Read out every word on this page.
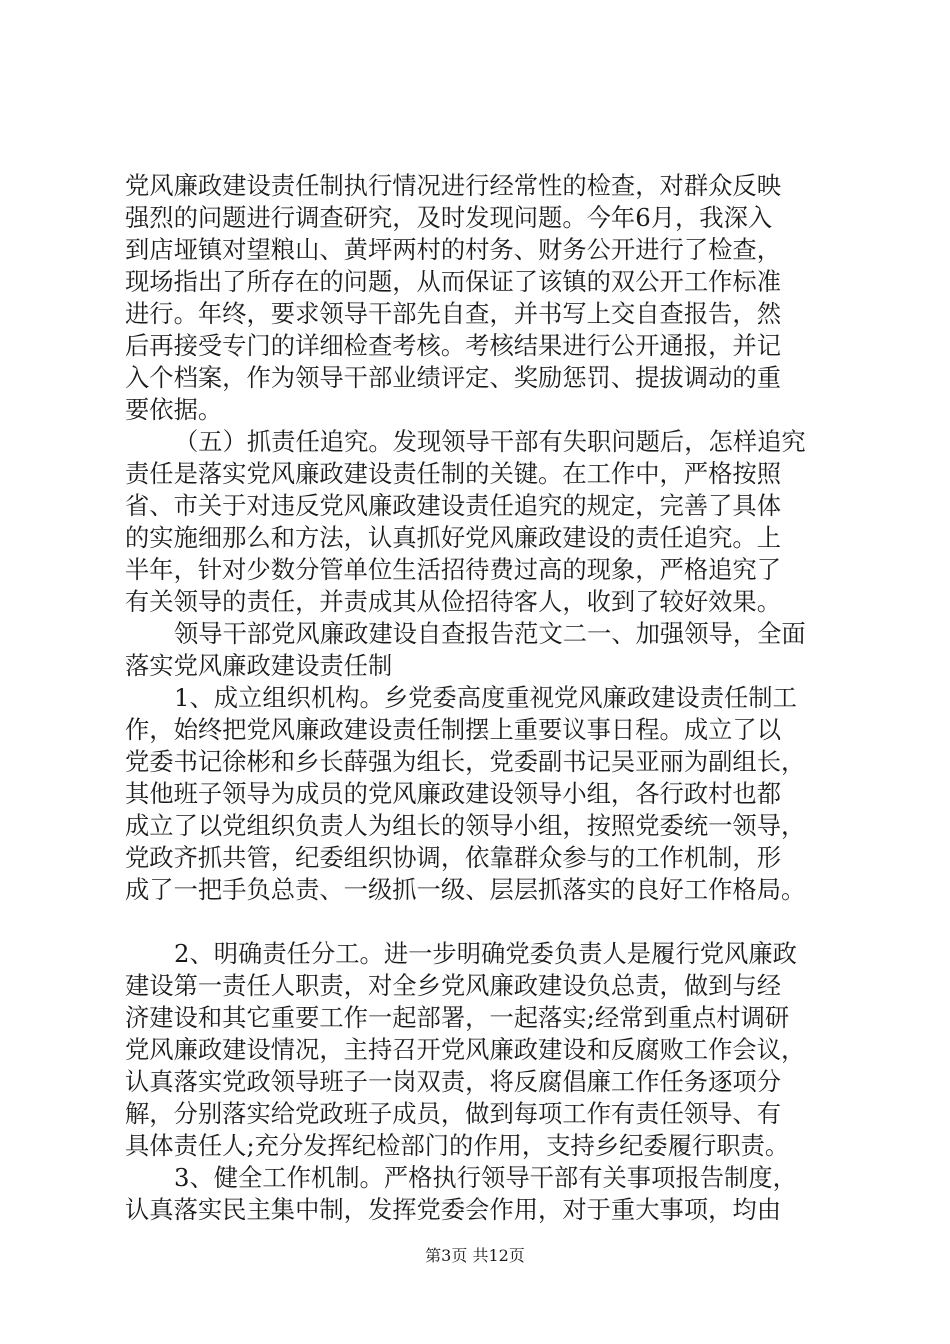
党风廉政建设责任制执行情况进行经常性的检查，对群众反映
强烈的问题进行调查研究，及时发现问题。今年6月，我深入
到店垭镇对望粮山、黄坪两村的村务、财务公开进行了检查，
现场指出了所存在的问题，从而保证了该镇的双公开工作标准
进行。年终，要求领导干部先自查，并书写上交自查报告，然
后再接受专门的详细检查考核。考核结果进行公开通报，并记
入个档案，作为领导干部业绩评定、奖励惩罚、提拔调动的重
要依据。
（五）抓责任追究。发现领导干部有失职问题后，怎样追究
责任是落实党风廉政建设责任制的关键。在工作中，严格按照
省、市关于对违反党风廉政建设责任追究的规定，完善了具体
的实施细那么和方法，认真抓好党风廉政建设的责任追究。上
半年，针对少数分管单位生活招待费过高的现象，严格追究了
有关领导的责任，并责成其从俭招待客人，收到了较好效果。
领导干部党风廉政建设自查报告范文二一、加强领导，全面
落实党风廉政建设责任制
1、成立组织机构。乡党委高度重视党风廉政建设责任制工
作，始终把党风廉政建设责任制摆上重要议事日程。成立了以
党委书记徐彬和乡长薛强为组长，党委副书记吴亚丽为副组长，
其他班子领导为成员的党风廉政建设领导小组，各行政村也都
成立了以党组织负责人为组长的领导小组，按照党委统一领导，
党政齐抓共管，纪委组织协调，依靠群众参与的工作机制，形
成了一把手负总责、一级抓一级、层层抓落实的良好工作格局。
2、明确责任分工。进一步明确党委负责人是履行党风廉政
建设第一责任人职责，对全乡党风廉政建设负总责，做到与经
济建设和其它重要工作一起部署，一起落实;经常到重点村调研
党风廉政建设情况，主持召开党风廉政建设和反腐败工作会议，
认真落实党政领导班子一岗双责，将反腐倡廉工作任务逐项分
解，分别落实给党政班子成员，做到每项工作有责任领导、有
具体责任人;充分发挥纪检部门的作用，支持乡纪委履行职责。
3、健全工作机制。严格执行领导干部有关事项报告制度，
认真落实民主集中制，发挥党委会作用，对于重大事项，均由
第3页 共12页
